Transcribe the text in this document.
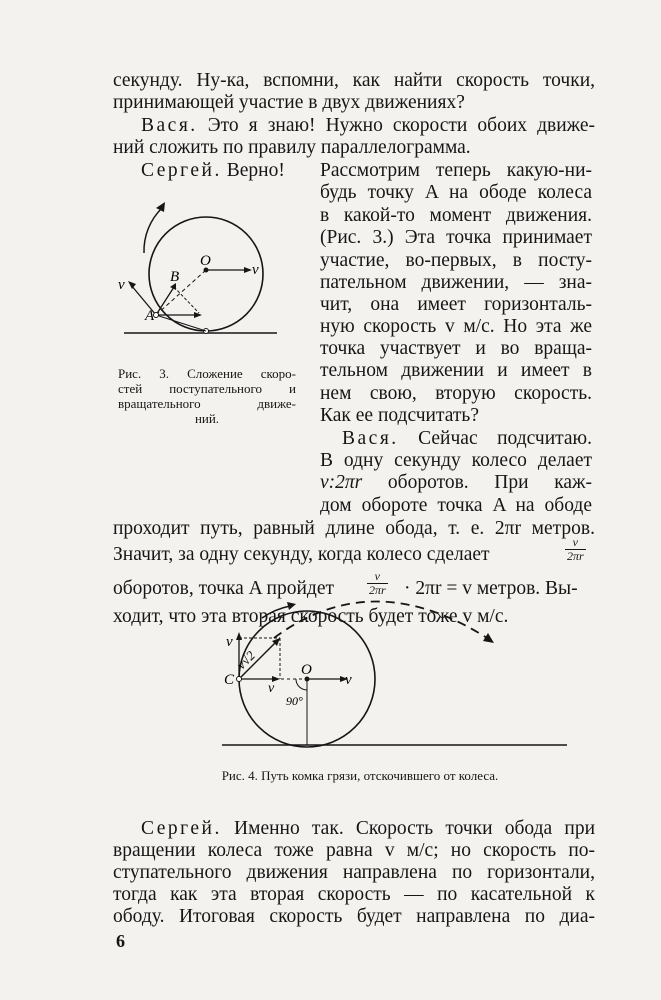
секунду. Ну-ка, вспомни, как найти скорость точки,
принимающей участие в двух движениях?
Вася. Это я знаю! Нужно скорости обоих движе-
ний сложить по правилу параллелограмма.
Сергей. Верно!	Рассмотрим теперь какую-ни-
будь точку A на ободе колеса
в какой-то момент движения.
(Рис. 3.) Эта точка принимает
участие, во-первых, в посту-
пательном движении, — зна-
чит, она имеет горизонталь-
ную скорость v м/с. Но эта же
точка участвует и во враща-
тельном движении и имеет в
нем свою, вторую скорость.
Как ее подсчитать?
Вася. Сейчас подсчитаю.
В одну секунду колесо делает
v:2πr оборотов. При каж-
дом обороте точка A на ободе
проходит путь, равный длине обода, т. е. 2πr метров.
Значит, за одну секунду, когда колесо сделает	$\frac{v}{2\pi r}$
оборотов, точка A пройдет	$\frac{v}{2\pi r} \cdot 2\pi r = v$ метров. Вы-
ходит, что эта вторая скорость будет тоже v м/с.
O
v
v	B
A
Рис. 3. Сложение скоро-
стей поступательного и
вращательного движе-
ний.
O
v
v
v
C
v√2
90°
Рис. 4. Путь комка грязи, отскочившего от колеса.
Сергей. Именно так. Скорость точки обода при
вращении колеса тоже равна v м/с; но скорость по-
ступательного движения направлена по горизонтали,
тогда как эта вторая скорость — по касательной к
ободу. Итоговая скорость будет направлена по диа-
6
